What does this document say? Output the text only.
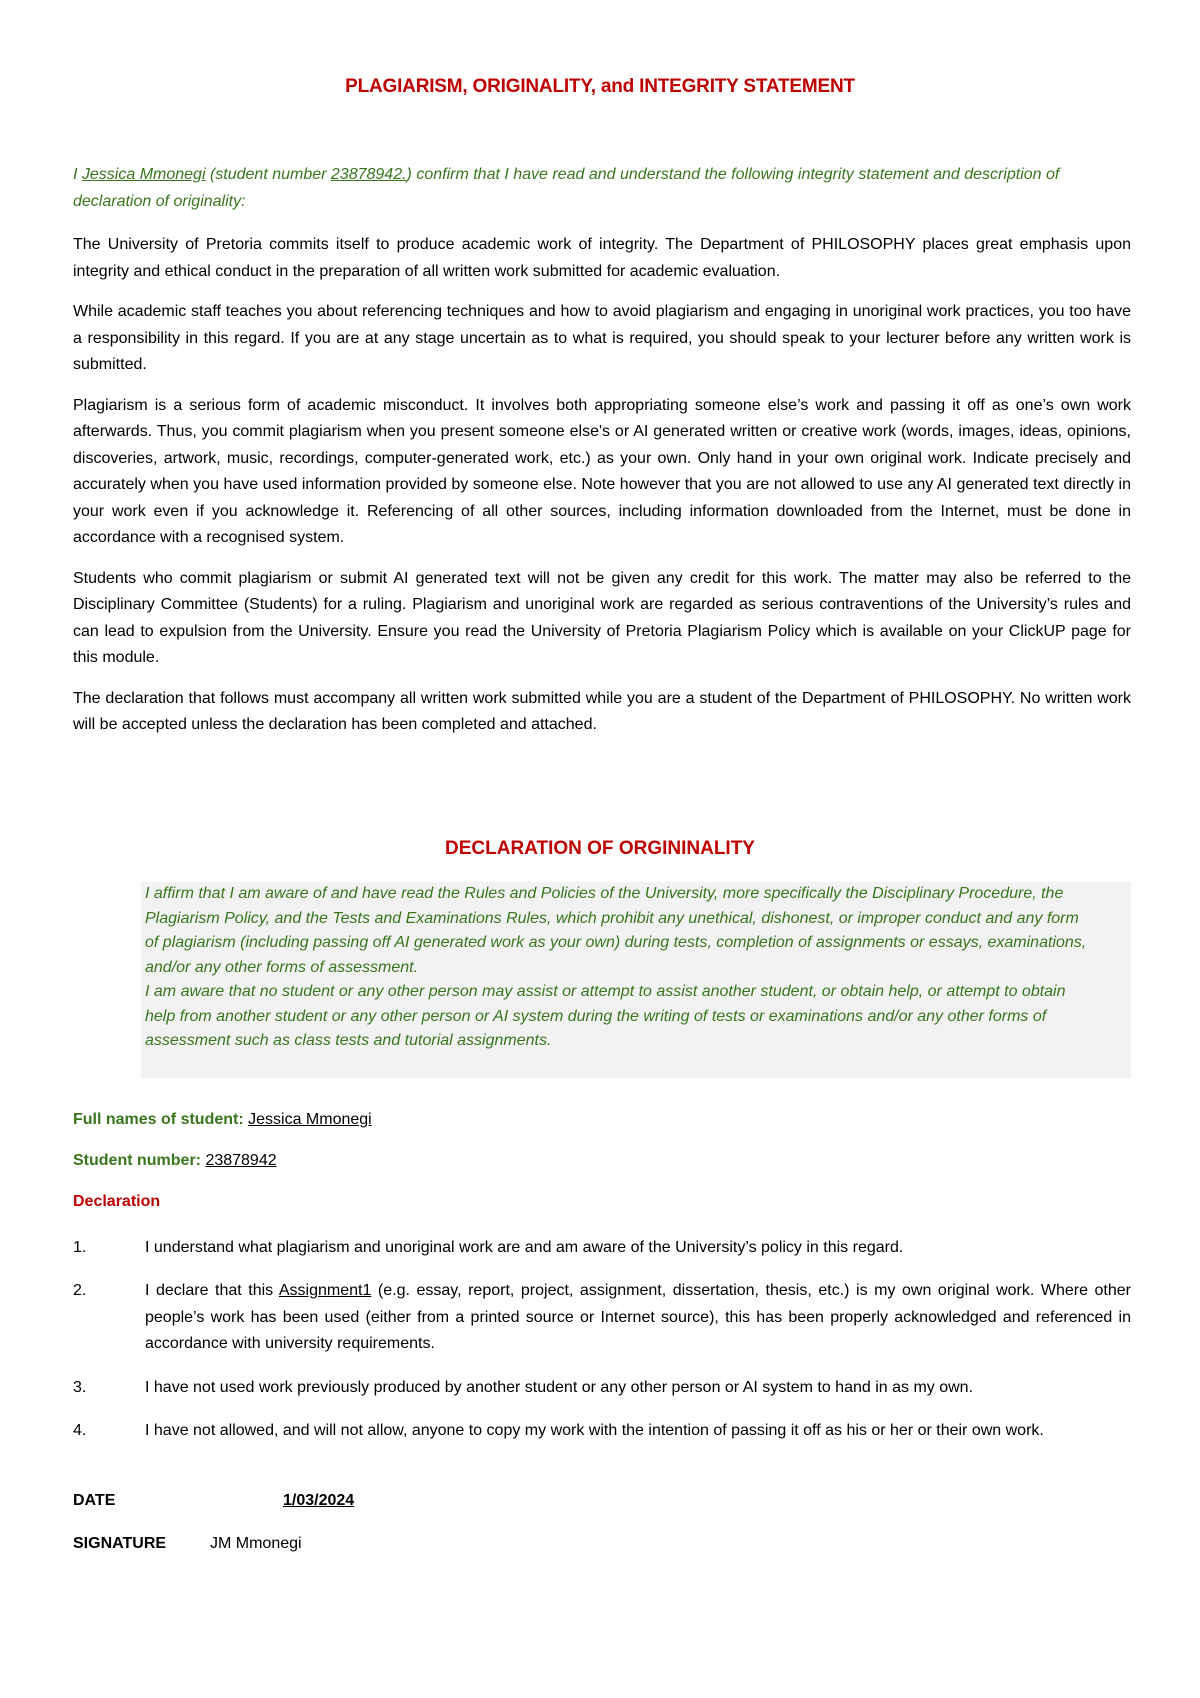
PLAGIARISM, ORIGINALITY, and INTEGRITY STATEMENT
I Jessica Mmonegi (student number 23878942.) confirm that I have read and understand the following integrity statement and description of declaration of originality:

The University of Pretoria commits itself to produce academic work of integrity. The Department of PHILOSOPHY places great emphasis upon integrity and ethical conduct in the preparation of all written work submitted for academic evaluation.

While academic staff teaches you about referencing techniques and how to avoid plagiarism and engaging in unoriginal work practices, you too have a responsibility in this regard. If you are at any stage uncertain as to what is required, you should speak to your lecturer before any written work is submitted.

Plagiarism is a serious form of academic misconduct. It involves both appropriating someone else’s work and passing it off as one’s own work afterwards. Thus, you commit plagiarism when you present someone else's or AI generated written or creative work (words, images, ideas, opinions, discoveries, artwork, music, recordings, computer-generated work, etc.) as your own. Only hand in your own original work. Indicate precisely and accurately when you have used information provided by someone else. Note however that you are not allowed to use any AI generated text directly in your work even if you acknowledge it. Referencing of all other sources, including information downloaded from the Internet, must be done in accordance with a recognised system.

Students who commit plagiarism or submit AI generated text will not be given any credit for this work. The matter may also be referred to the Disciplinary Committee (Students) for a ruling. Plagiarism and unoriginal work are regarded as serious contraventions of the University’s rules and can lead to expulsion from the University. Ensure you read the University of Pretoria Plagiarism Policy which is available on your ClickUP page for this module.

The declaration that follows must accompany all written work submitted while you are a student of the Department of PHILOSOPHY. No written work will be accepted unless the declaration has been completed and attached.

DECLARATION OF ORGININALITY

I affirm that I am aware of and have read the Rules and Policies of the University, more specifically the Disciplinary Procedure, the Plagiarism Policy, and the Tests and Examinations Rules, which prohibit any unethical, dishonest, or improper conduct and any form of plagiarism (including passing off AI generated work as your own) during tests, completion of assignments or essays, examinations, and/or any other forms of assessment.

I am aware that no student or any other person may assist or attempt to assist another student, or obtain help, or attempt to obtain help from another student or any other person or AI system during the writing of tests or examinations and/or any other forms of assessment such as class tests and tutorial assignments.

Full names of student: Jessica Mmonegi
Student number: 23878942
Declaration
1.	I understand what plagiarism and unoriginal work are and am aware of the University’s policy in this regard.
2.	I declare that this Assignment1 (e.g. essay, report, project, assignment, dissertation, thesis, etc.) is my own original work. Where other people’s work has been used (either from a printed source or Internet source), this has been properly acknowledged and referenced in accordance with university requirements.
3.	I have not used work previously produced by another student or any other person or AI system to hand in as my own.
4.	I have not allowed, and will not allow, anyone to copy my work with the intention of passing it off as his or her or their own work.
DATE	1/03/2024
SIGNATURE	JM Mmonegi
